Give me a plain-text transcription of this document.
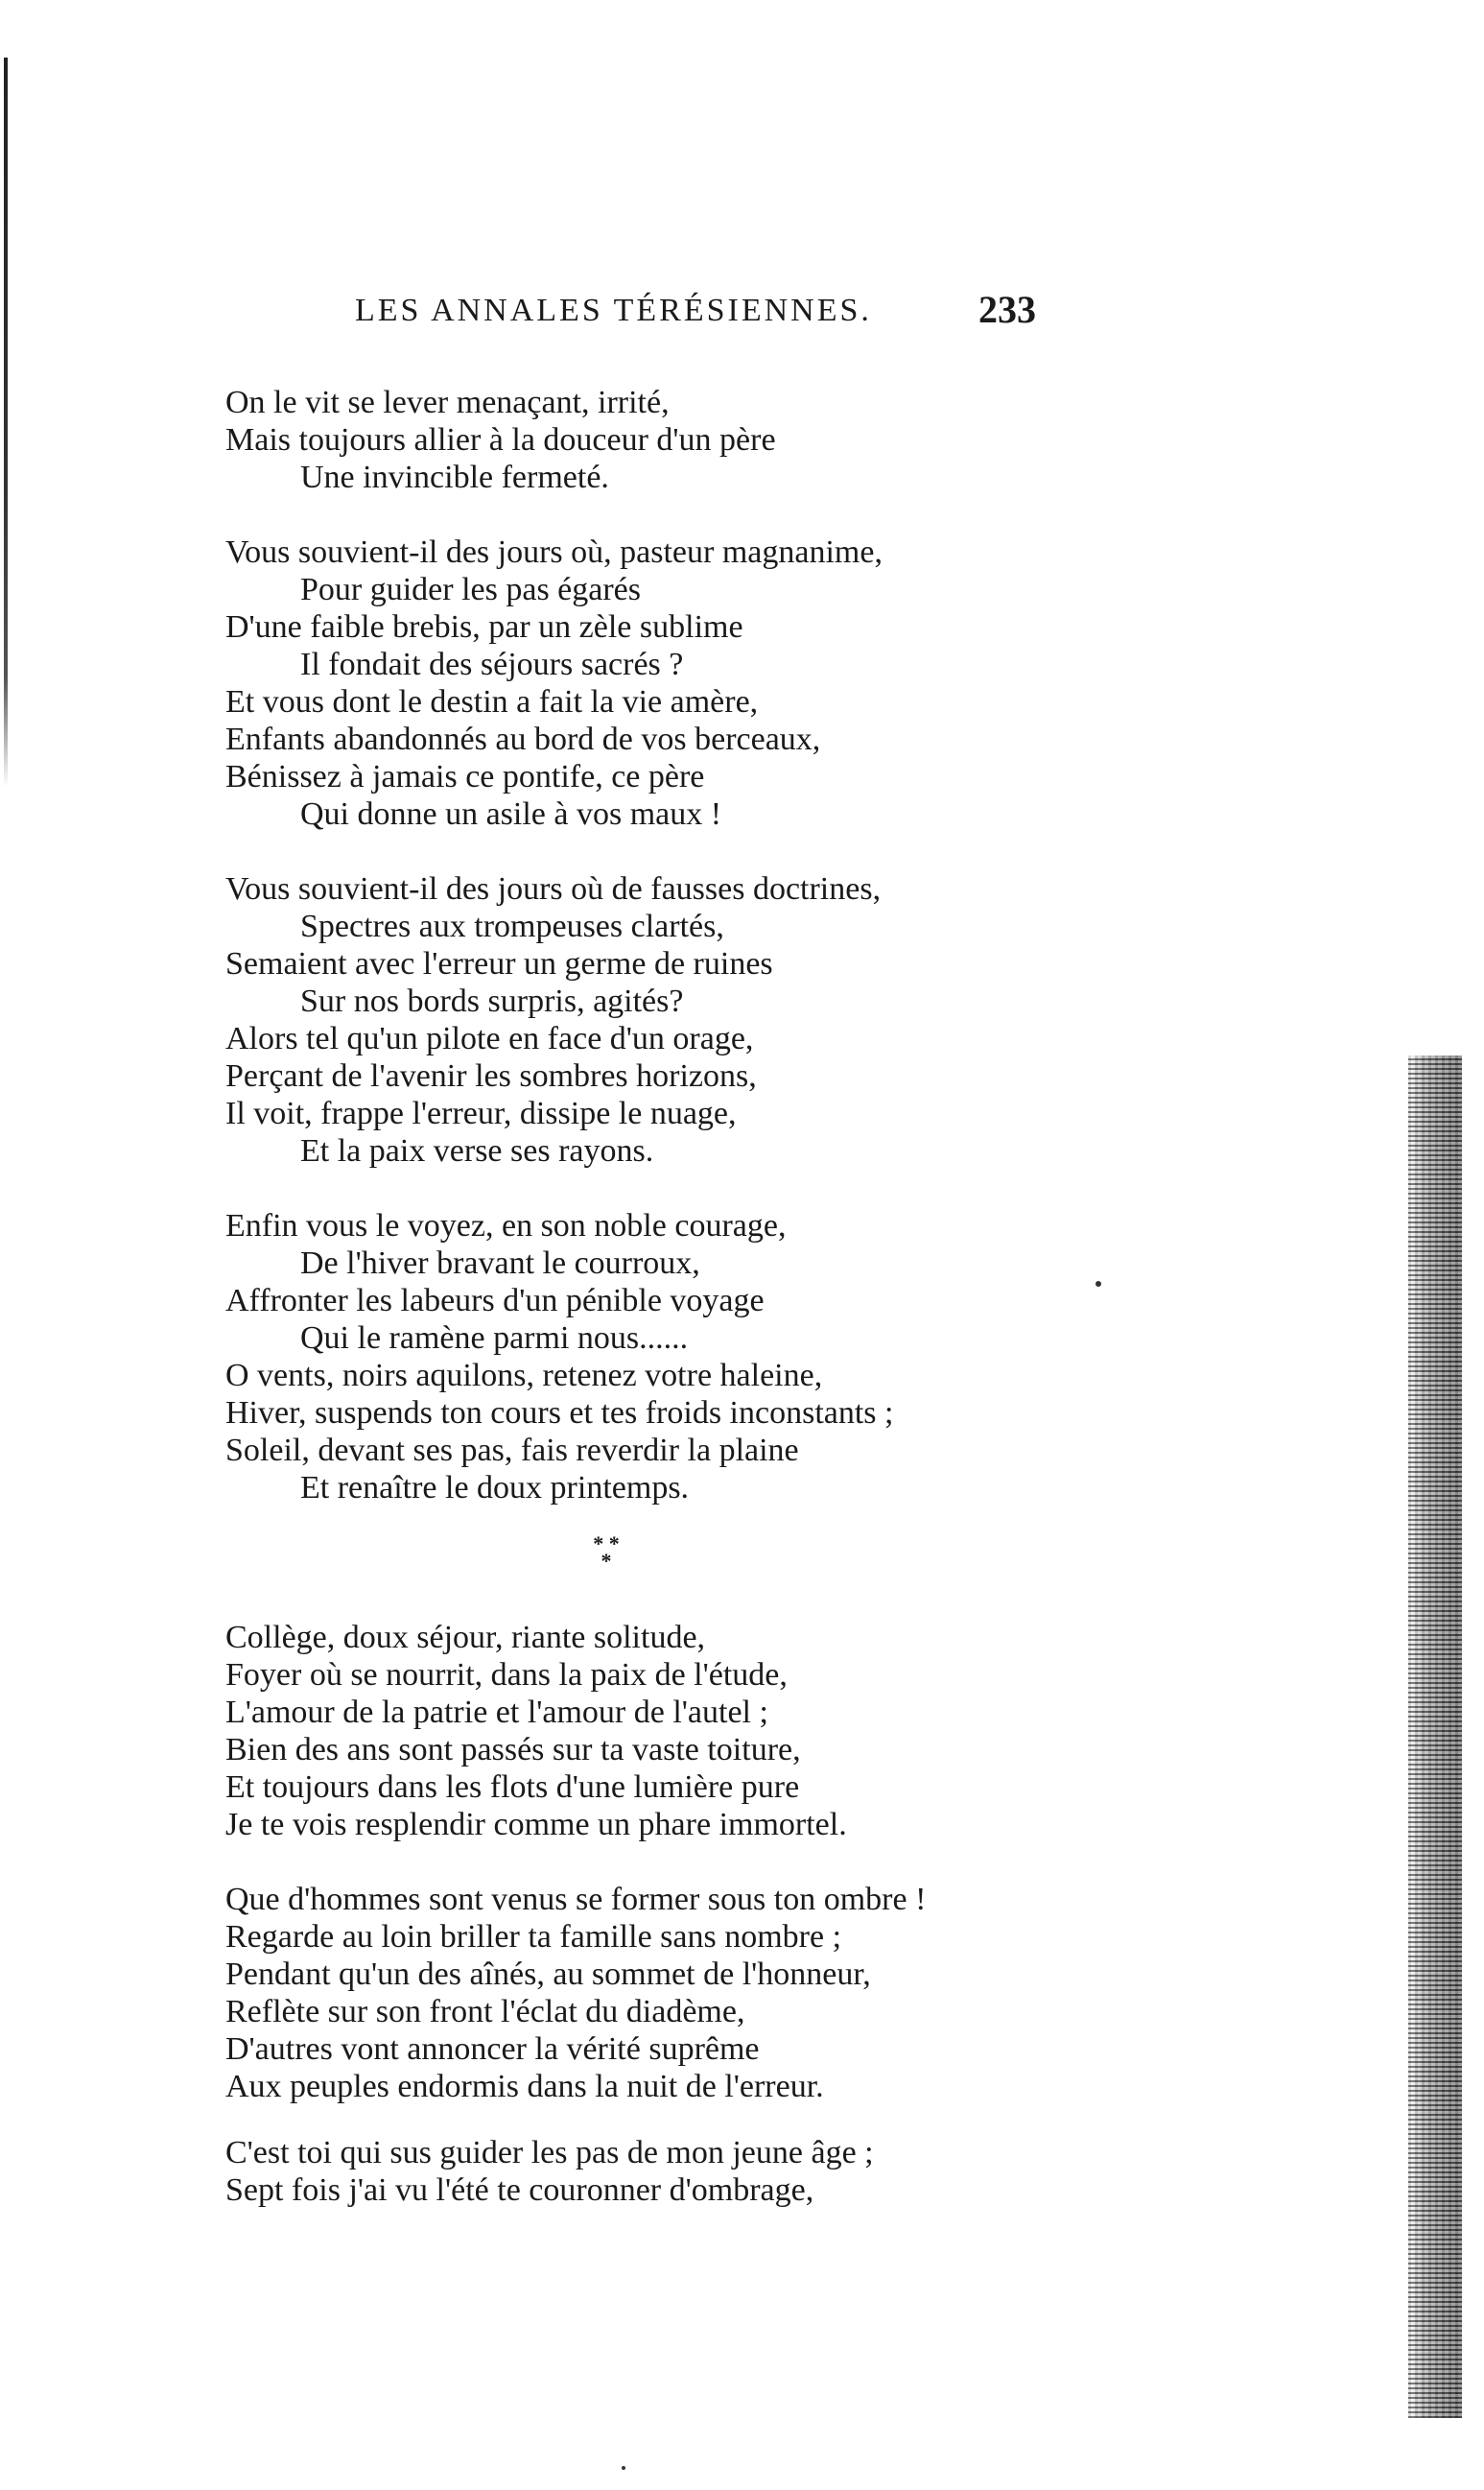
LES ANNALES TÉRÉSIENNES.	233
On le vit se lever menaçant, irrité,
Mais toujours allier à la douceur d'un père
Une invincible fermeté.
Vous souvient-il des jours où, pasteur magnanime,
Pour guider les pas égarés
D'une faible brebis, par un zèle sublime
Il fondait des séjours sacrés ?
Et vous dont le destin a fait la vie amère,
Enfants abandonnés au bord de vos berceaux,
Bénissez à jamais ce pontife, ce père
Qui donne un asile à vos maux !
Vous souvient-il des jours où de fausses doctrines,
Spectres aux trompeuses clartés,
Semaient avec l'erreur un germe de ruines
Sur nos bords surpris, agités?
Alors tel qu'un pilote en face d'un orage,
Perçant de l'avenir les sombres horizons,
Il voit, frappe l'erreur, dissipe le nuage,
Et la paix verse ses rayons.
Enfin vous le voyez, en son noble courage,
De l'hiver bravant le courroux,
Affronter les labeurs d'un pénible voyage
Qui le ramène parmi nous......
O vents, noirs aquilons, retenez votre haleine,
Hiver, suspends ton cours et tes froids inconstants ;
Soleil, devant ses pas, fais reverdir la plaine
Et renaître le doux printemps.
Collège, doux séjour, riante solitude,
Foyer où se nourrit, dans la paix de l'étude,
L'amour de la patrie et l'amour de l'autel ;
Bien des ans sont passés sur ta vaste toiture,
Et toujours dans les flots d'une lumière pure
Je te vois resplendir comme un phare immortel.
Que d'hommes sont venus se former sous ton ombre !
Regarde au loin briller ta famille sans nombre ;
Pendant qu'un des aînés, au sommet de l'honneur,
Reflète sur son front l'éclat du diadème,
D'autres vont annoncer la vérité suprême
Aux peuples endormis dans la nuit de l'erreur.
C'est toi qui sus guider les pas de mon jeune âge ;
Sept fois j'ai vu l'été te couronner d'ombrage,
* *
*
